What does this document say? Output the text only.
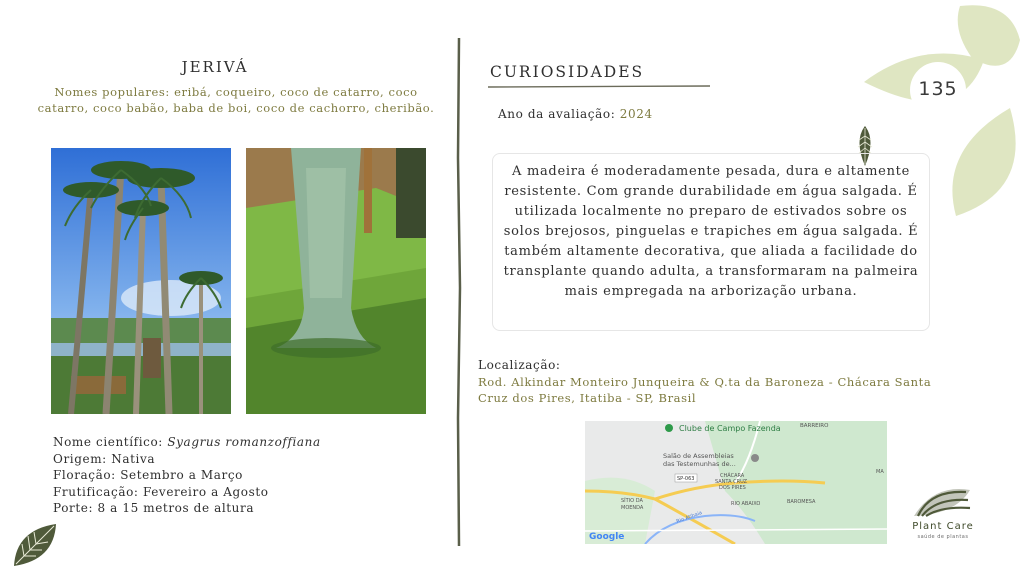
JERIVÁ
Nomes populares: eribá, coqueiro, coco de catarro, coco catarro, coco babão, baba de boi, coco de cachorro, cheribão.
Nome científico: Syagrus romanzoffiana
Origem: Nativa
Floração: Setembro a Março
Frutificação: Fevereiro a Agosto
Porte: 8 a 15 metros de altura
CURIOSIDADES
Ano da avaliação: 2024
A madeira é moderadamente pesada, dura e altamente resistente. Com grande durabilidade em água salgada. É utilizada localmente no preparo de estivados sobre os solos brejosos, pinguelas e trapiches em água salgada. É também altamente decorativa, que aliada a facilidade do transplante quando adulta, a transformaram na palmeira mais empregada na arborização urbana.
Localização:
Rod. Alkindar Monteiro Junqueira & Q.ta da Baroneza - Chácara Santa Cruz dos Pires, Itatiba - SP, Brasil
Clube de Campo Fazenda
Salão de Assembleias
das Testemunhas de...
BARREIRO
CHÁCARA
SANTA CRUZ
DOS PIRES
SÍTIO DA
MOENDA
RIO ABAIXO	BAROMESA
MA
SP-063
Rio Atibaia
Google
135
Plant Care
saúde de plantas
